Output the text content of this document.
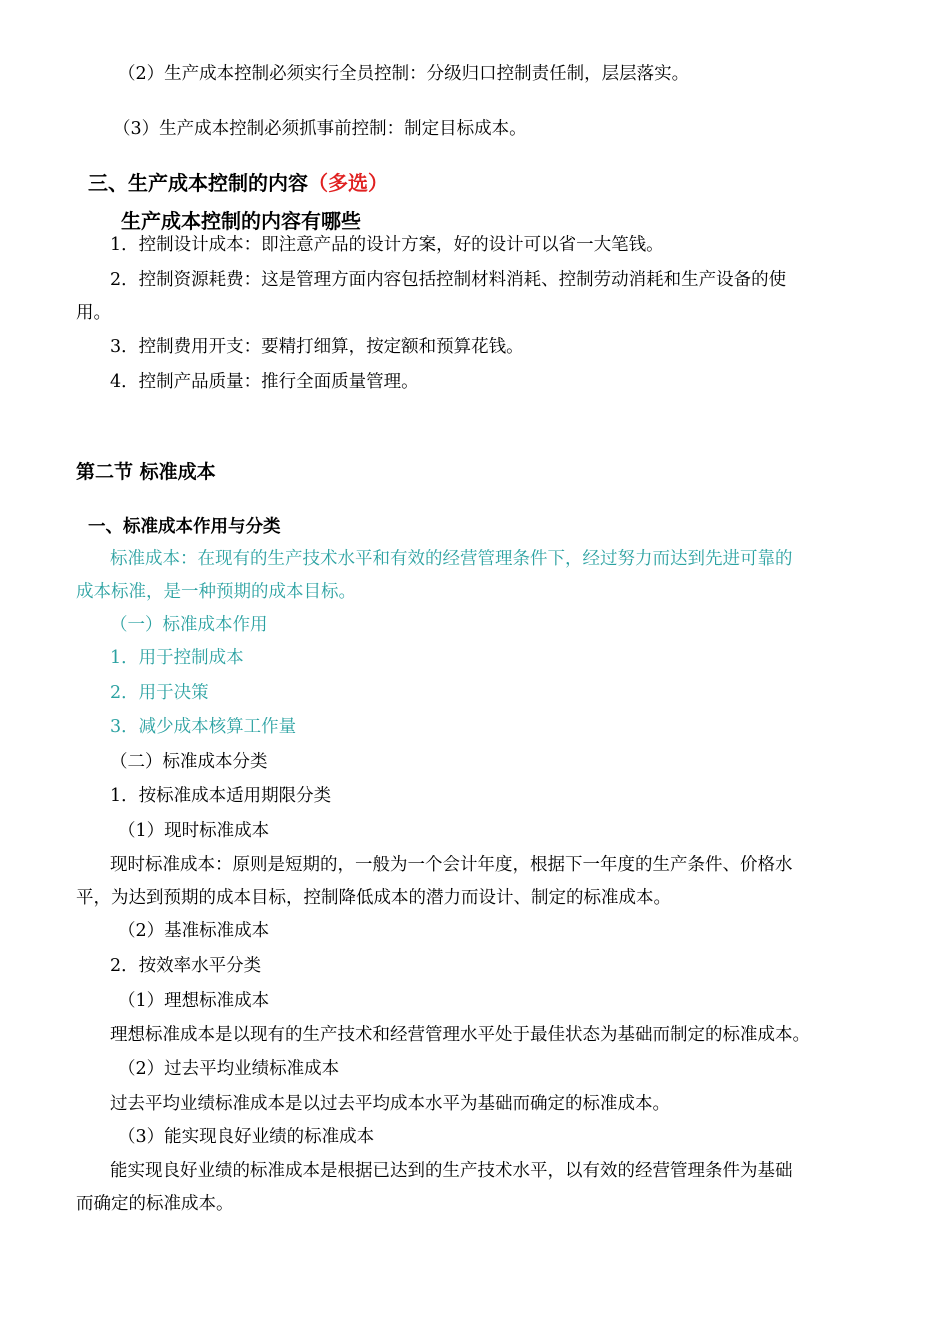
（2）生产成本控制必须实行全员控制：分级归口控制责任制，层层落实。
（3）生产成本控制必须抓事前控制：制定目标成本。
三、生产成本控制的内容（多选）
生产成本控制的内容有哪些
1．控制设计成本：即注意产品的设计方案，好的设计可以省一大笔钱。
2．控制资源耗费：这是管理方面内容包括控制材料消耗、控制劳动消耗和生产设备的使
用。
3．控制费用开支：要精打细算，按定额和预算花钱。
4．控制产品质量：推行全面质量管理。
第二节 标准成本
一、标准成本作用与分类
标准成本：在现有的生产技术水平和有效的经营管理条件下，经过努力而达到先进可靠的
成本标准，是一种预期的成本目标。
（一）标准成本作用
1．用于控制成本
2．用于决策
3．减少成本核算工作量
（二）标准成本分类
1．按标准成本适用期限分类
（1）现时标准成本
现时标准成本：原则是短期的，一般为一个会计年度，根据下一年度的生产条件、价格水
平，为达到预期的成本目标，控制降低成本的潜力而设计、制定的标准成本。
（2）基准标准成本
2．按效率水平分类
（1）理想标准成本
理想标准成本是以现有的生产技术和经营管理水平处于最佳状态为基础而制定的标准成本。
（2）过去平均业绩标准成本
过去平均业绩标准成本是以过去平均成本水平为基础而确定的标准成本。
（3）能实现良好业绩的标准成本
能实现良好业绩的标准成本是根据已达到的生产技术水平，以有效的经营管理条件为基础
而确定的标准成本。
